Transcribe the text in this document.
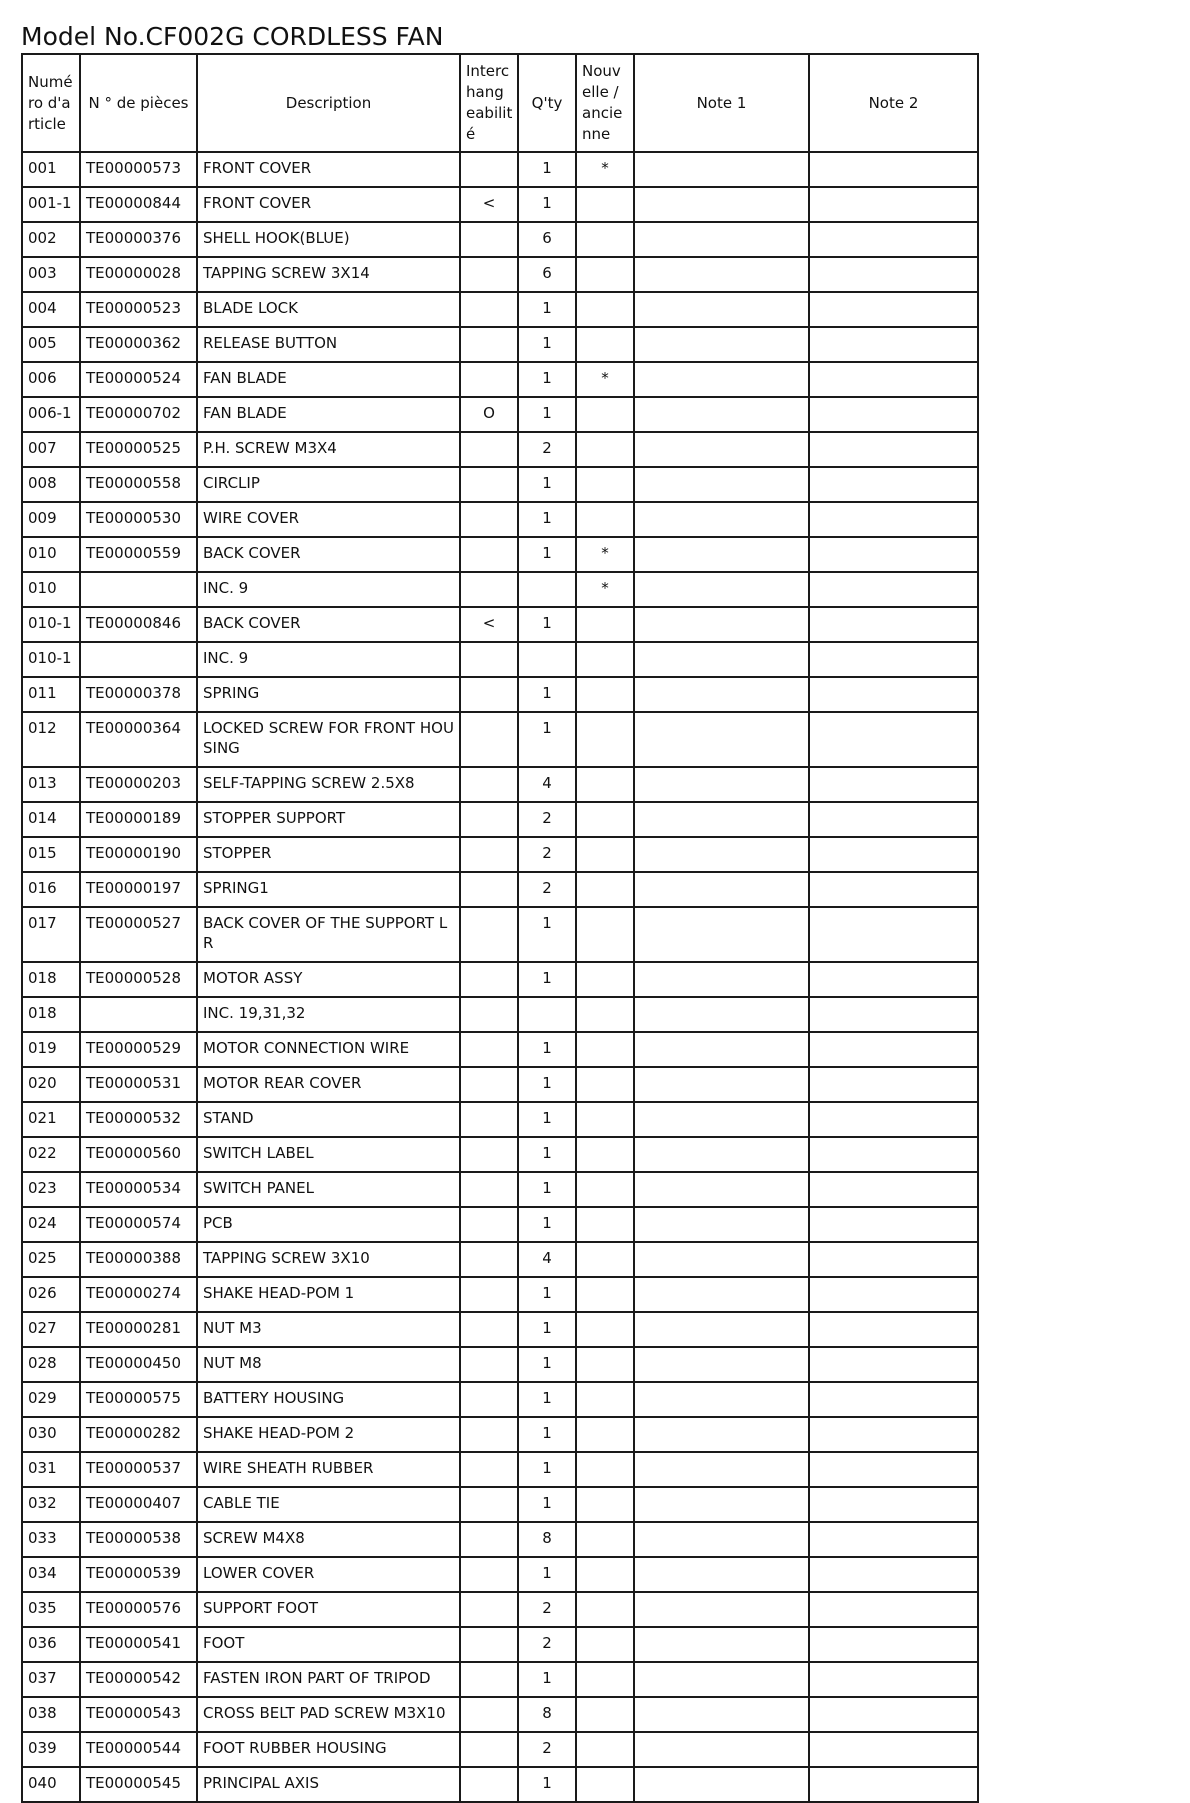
Model No.CF002G CORDLESS FAN
Numé ro d'a rticle	N ° de pièces	Description	Interc hang eabilit é	Q'ty	Nouv elle / ancie nne	Note 1	Note 2
001	TE00000573	FRONT COVER		1	*		
001-1	TE00000844	FRONT COVER	<	1			
002	TE00000376	SHELL HOOK(BLUE)		6			
003	TE00000028	TAPPING SCREW 3X14		6			
004	TE00000523	BLADE LOCK		1			
005	TE00000362	RELEASE BUTTON		1			
006	TE00000524	FAN BLADE		1	*		
006-1	TE00000702	FAN BLADE	O	1			
007	TE00000525	P.H. SCREW M3X4		2			
008	TE00000558	CIRCLIP		1			
009	TE00000530	WIRE COVER		1			
010	TE00000559	BACK COVER		1	*		
010		INC. 9			*		
010-1	TE00000846	BACK COVER	<	1			
010-1		INC. 9					
011	TE00000378	SPRING		1			
012	TE00000364	LOCKED SCREW FOR FRONT HOUSING		1			
013	TE00000203	SELF-TAPPING SCREW 2.5X8		4			
014	TE00000189	STOPPER SUPPORT		2			
015	TE00000190	STOPPER		2			
016	TE00000197	SPRING1		2			
017	TE00000527	BACK COVER OF THE SUPPORT LR		1			
018	TE00000528	MOTOR ASSY		1			
018		INC. 19,31,32					
019	TE00000529	MOTOR CONNECTION WIRE		1			
020	TE00000531	MOTOR REAR COVER		1			
021	TE00000532	STAND		1			
022	TE00000560	SWITCH LABEL		1			
023	TE00000534	SWITCH PANEL		1			
024	TE00000574	PCB		1			
025	TE00000388	TAPPING SCREW 3X10		4			
026	TE00000274	SHAKE HEAD-POM 1		1			
027	TE00000281	NUT M3		1			
028	TE00000450	NUT M8		1			
029	TE00000575	BATTERY HOUSING		1			
030	TE00000282	SHAKE HEAD-POM 2		1			
031	TE00000537	WIRE SHEATH RUBBER		1			
032	TE00000407	CABLE TIE		1			
033	TE00000538	SCREW M4X8		8			
034	TE00000539	LOWER COVER		1			
035	TE00000576	SUPPORT FOOT		2			
036	TE00000541	FOOT		2			
037	TE00000542	FASTEN IRON PART OF TRIPOD		1			
038	TE00000543	CROSS BELT PAD SCREW M3X10		8			
039	TE00000544	FOOT RUBBER HOUSING		2			
040	TE00000545	PRINCIPAL AXIS		1			
